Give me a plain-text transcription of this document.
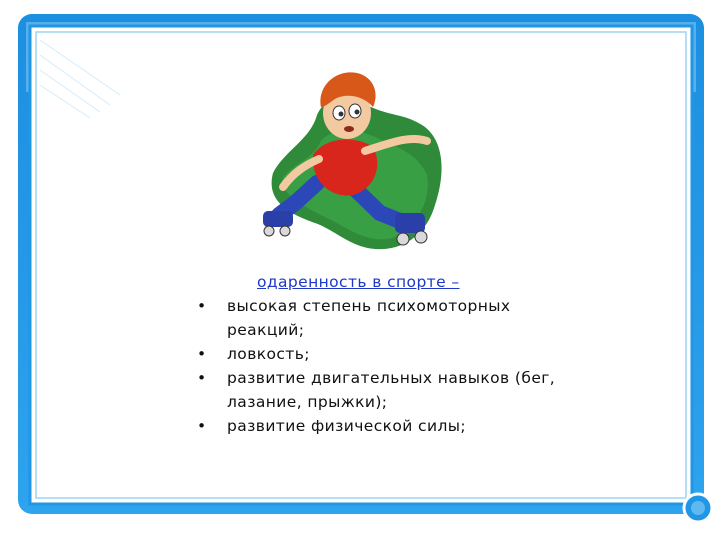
одаренность в спорте –
• высокая степень психомоторных реакций;
• ловкость;
• развитие двигательных навыков (бег, лазание, прыжки);
• развитие физической силы;
